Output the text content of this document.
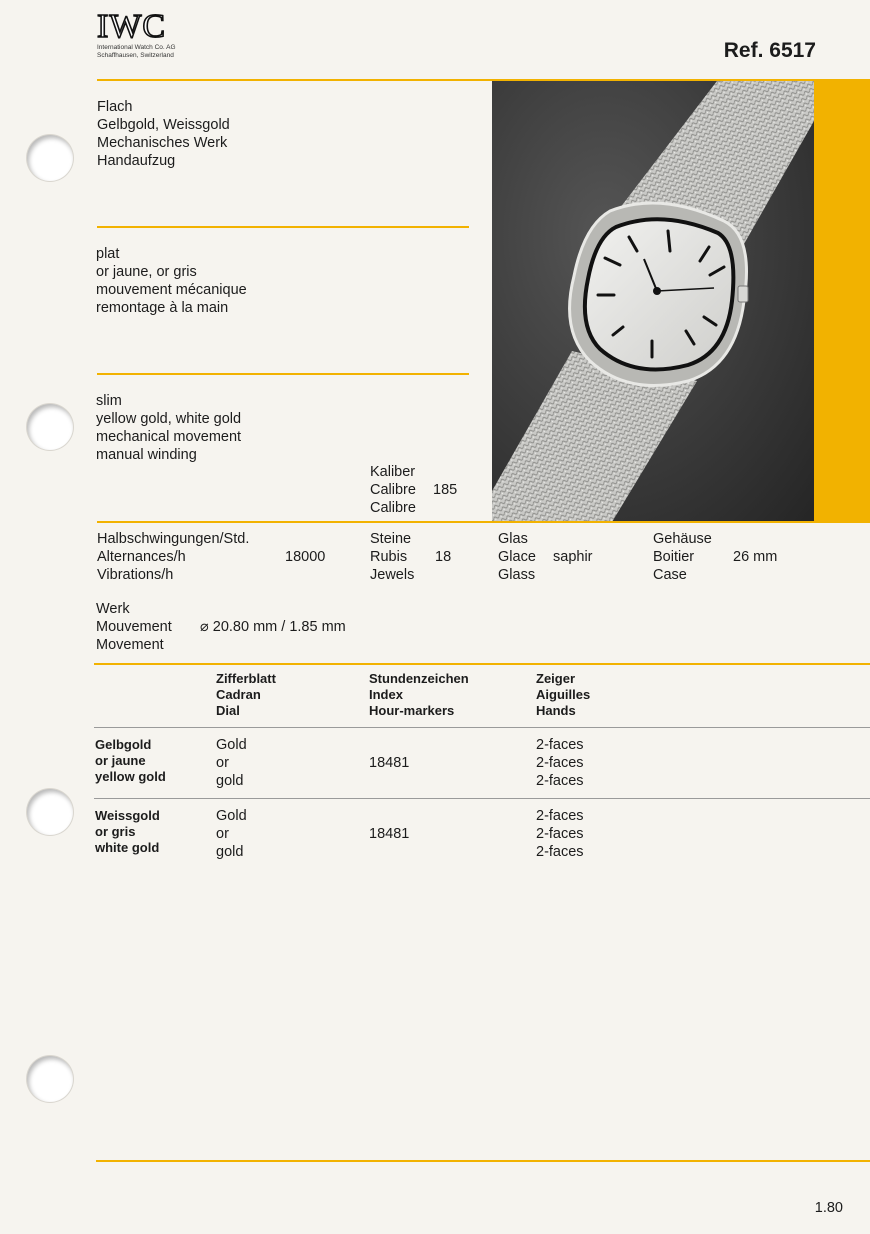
IWC
International Watch Co. AG
Schaffhausen, Switzerland	Ref. 6517
Flach
Gelbgold, Weissgold
Mechanisches Werk
Handaufzug
plat
or jaune, or gris
mouvement mécanique
remontage à la main
slim
yellow gold, white gold
mechanical movement
manual winding
Kaliber
Calibre
Calibre
185
Halbschwingungen/Std.
Alternances/h
Vibrations/h
18000
Steine
Rubis
Jewels
18
Glas
Glace
Glass
saphir
Gehäuse
Boitier
Case
26 mm
Werk
Mouvement
Movement
⌀ 20.80 mm / 1.85 mm
Zifferblatt
Cadran
Dial
Stundenzeichen
Index
Hour-markers
Zeiger
Aiguilles
Hands
Gelbgold
or jaune
yellow gold
Gold
or
gold
18481
2-faces
2-faces
2-faces
Weissgold
or gris
white gold
Gold
or
gold
18481
2-faces
2-faces
2-faces
1.80
